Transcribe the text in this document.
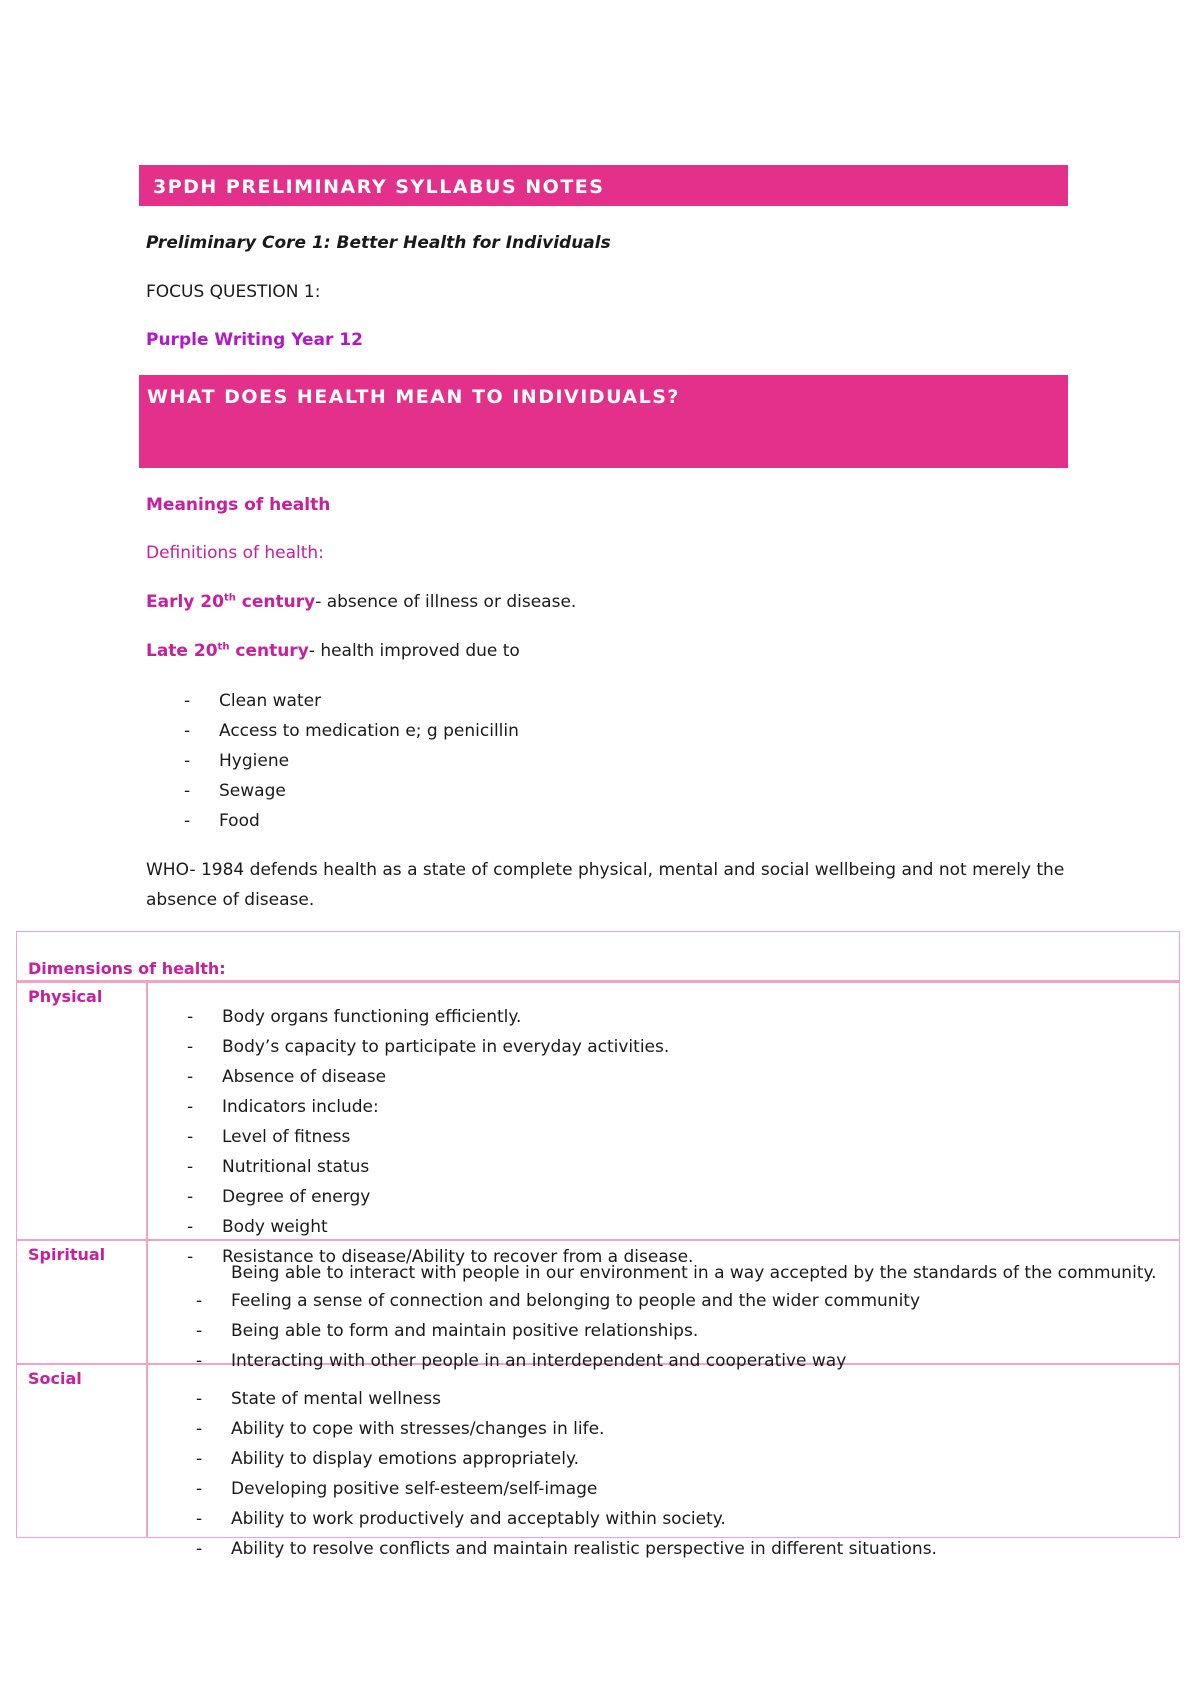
3PDH PRELIMINARY SYLLABUS NOTES
Preliminary Core 1: Better Health for Individuals
FOCUS QUESTION 1:
Purple Writing Year 12
WHAT DOES HEALTH MEAN TO INDIVIDUALS?
Meanings of health
Definitions of health:
Early 20th century- absence of illness or disease.
Late 20th century- health improved due to
- Clean water
- Access to medication e; g penicillin
- Hygiene
- Sewage
- Food
WHO- 1984 defends health as a state of complete physical, mental and social wellbeing and not merely the
absence of disease.
Dimensions of health:
Physical
- Body organs functioning efficiently.
- Body’s capacity to participate in everyday activities.
- Absence of disease
- Indicators include:
- Level of fitness
- Nutritional status
- Degree of energy
- Body weight
- Resistance to disease/Ability to recover from a disease.
Spiritual
Being able to interact with people in our environment in a way accepted by the standards of the community.
- Feeling a sense of connection and belonging to people and the wider community
- Being able to form and maintain positive relationships.
- Interacting with other people in an interdependent and cooperative way
Social
- State of mental wellness
- Ability to cope with stresses/changes in life.
- Ability to display emotions appropriately.
- Developing positive self-esteem/self-image
- Ability to work productively and acceptably within society.
- Ability to resolve conflicts and maintain realistic perspective in different situations.
